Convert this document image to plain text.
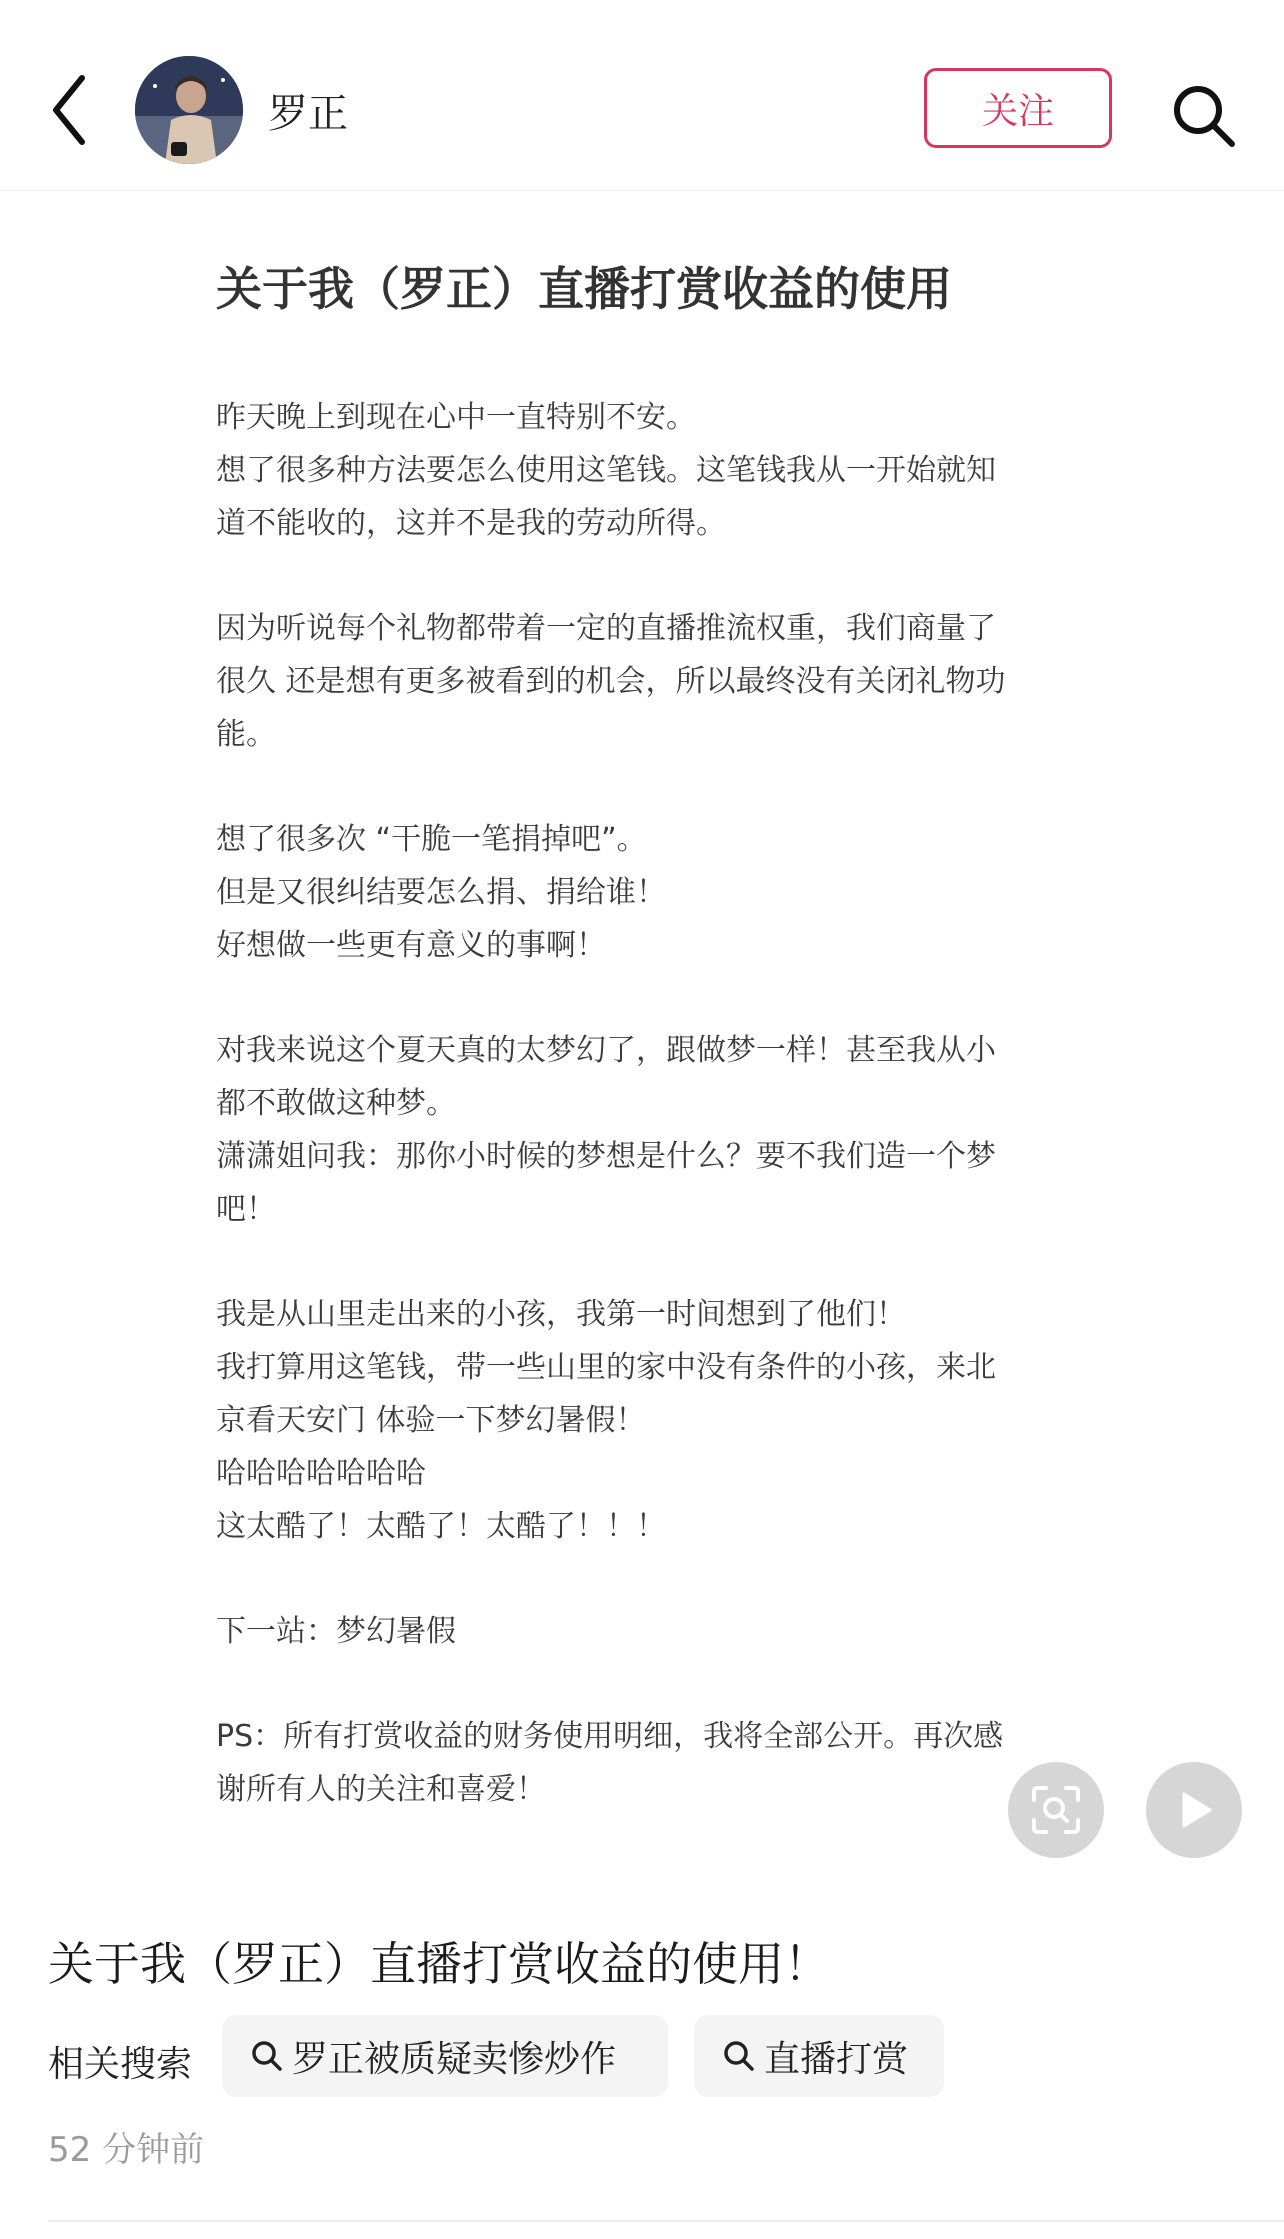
罗正	关注
关于我（罗正）直播打赏收益的使用
昨天晚上到现在心中一直特别不安。
想了很多种方法要怎么使用这笔钱。这笔钱我从一开始就知
道不能收的，这并不是我的劳动所得。
因为听说每个礼物都带着一定的直播推流权重，我们商量了
很久 还是想有更多被看到的机会，所以最终没有关闭礼物功
能。
想了很多次 “干脆一笔捐掉吧”。
但是又很纠结要怎么捐、捐给谁！
好想做一些更有意义的事啊！
对我来说这个夏天真的太梦幻了，跟做梦一样！甚至我从小
都不敢做这种梦。
潇潇姐问我：那你小时候的梦想是什么？要不我们造一个梦
吧！
我是从山里走出来的小孩，我第一时间想到了他们！
我打算用这笔钱，带一些山里的家中没有条件的小孩，来北
京看天安门 体验一下梦幻暑假！
哈哈哈哈哈哈哈
这太酷了！太酷了！太酷了！！！
下一站：梦幻暑假
PS：所有打赏收益的财务使用明细，我将全部公开。再次感
谢所有人的关注和喜爱！
关于我（罗正）直播打赏收益的使用！
相关搜索	罗正被质疑卖惨炒作	直播打赏
52 分钟前
